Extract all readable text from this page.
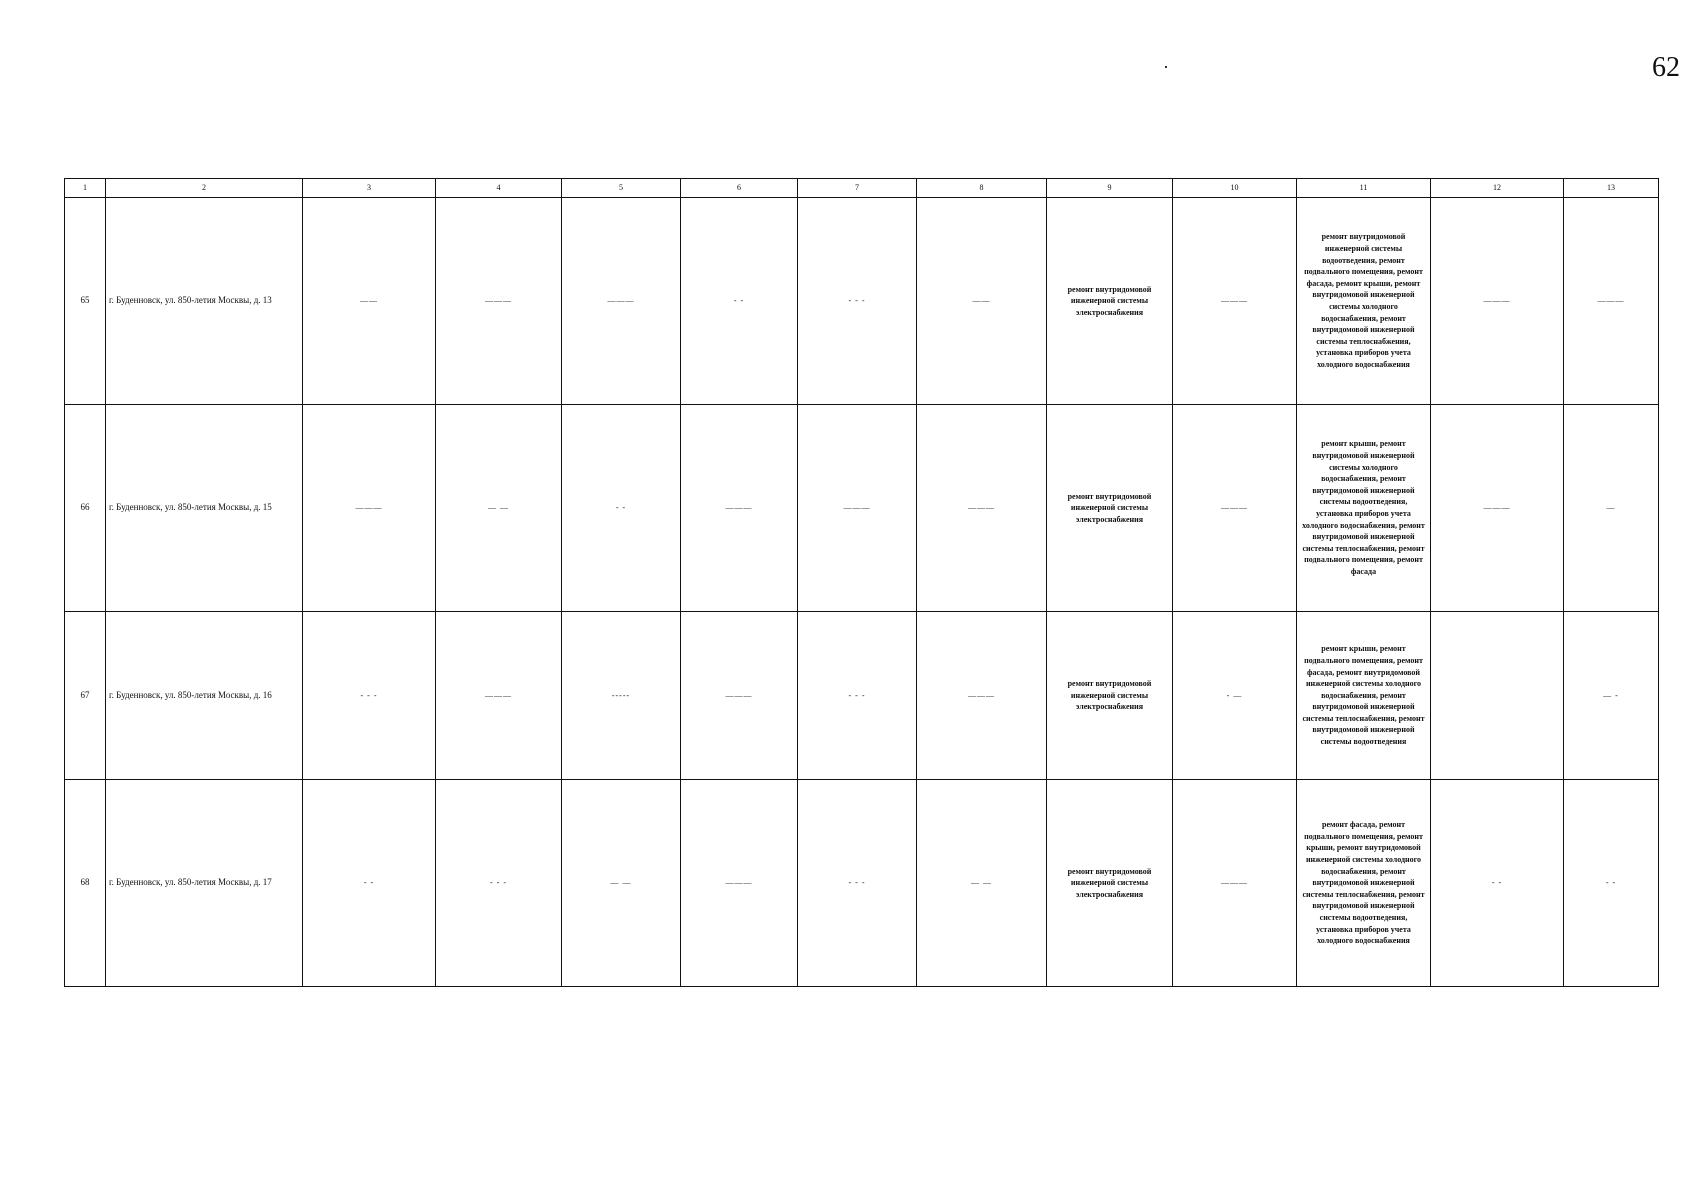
62
1	2	3	4	5	6	7	8	9	10	11	12	13
65	г. Буденновск, ул. 850-летия Москвы, д. 13	——	———	———	- -	- - -	——	ремонт внутридомовой инженерной системы электроснабжения	———	ремонт внутридомовой инженерной системы водоотведения, ремонт подвального помещения, ремонт фасада, ремонт крыши, ремонт внутридомовой инженерной системы холодного водоснабжения, ремонт внутридомовой инженерной системы теплоснабжения, установка приборов учета холодного водоснабжения	———	———
66	г. Буденновск, ул. 850-летия Москвы, д. 15	———	— —	- -	———	———	———	ремонт внутридомовой инженерной системы электроснабжения	———	ремонт крыши, ремонт внутридомовой инженерной системы холодного водоснабжения, ремонт внутридомовой инженерной системы водоотведения, установка приборов учета холодного водоснабжения, ремонт внутридомовой инженерной системы теплоснабжения, ремонт подвального помещения, ремонт фасада	———	—
67	г. Буденновск, ул. 850-летия Москвы, д. 16	- - -	———	-----	———	- - -	———	ремонт внутридомовой инженерной системы электроснабжения	- —	ремонт крыши, ремонт подвального помещения, ремонт фасада, ремонт внутридомовой инженерной системы холодного водоснабжения, ремонт внутридомовой инженерной системы теплоснабжения, ремонт внутридомовой инженерной системы водоотведения		— -
68	г. Буденновск, ул. 850-летия Москвы, д. 17	- -	- - -	— —	———	- - -	— —	ремонт внутридомовой инженерной системы электроснабжения	———	ремонт фасада, ремонт подвального помещения, ремонт крыши, ремонт внутридомовой инженерной системы холодного водоснабжения, ремонт внутридомовой инженерной системы теплоснабжения, ремонт внутридомовой инженерной системы водоотведения, установка приборов учета холодного водоснабжения	- -	- -
